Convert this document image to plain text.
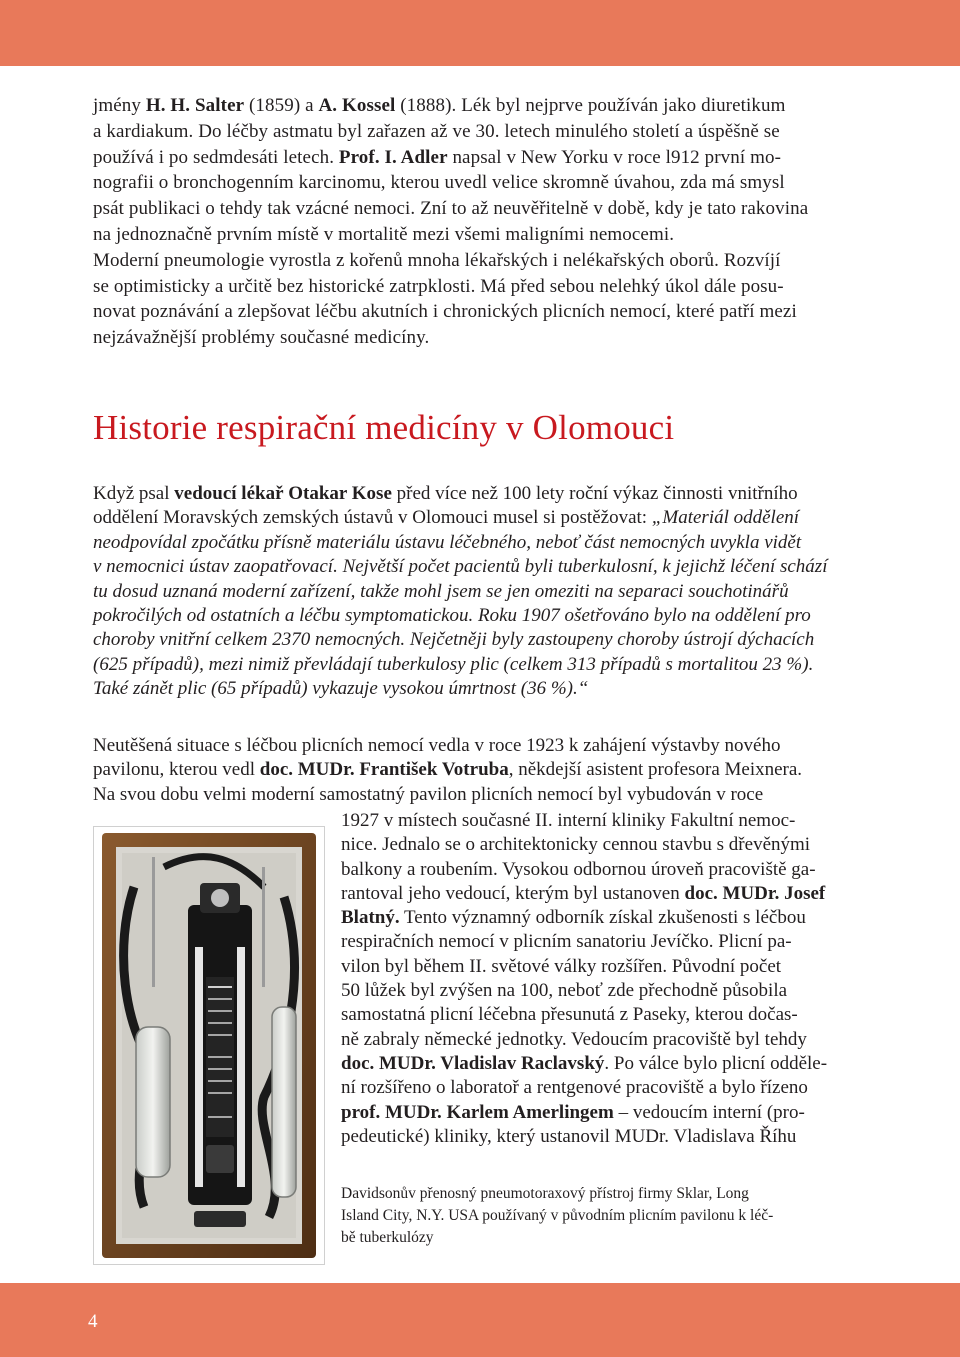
jmény H. H. Salter (1859) a A. Kossel (1888). Lék byl nejprve používán jako diuretikum
a kardiakum. Do léčby astmatu byl zařazen až ve 30. letech minulého století a úspěšně se
používá i po sedmdesáti letech. Prof. I. Adler napsal v New Yorku v roce l912 první mo-
nografii o bronchogenním karcinomu, kterou uvedl velice skromně úvahou, zda má smysl
psát publikaci o tehdy tak vzácné nemoci. Zní to až neuvěřitelně v době, kdy je tato rakovina
na jednoznačně prvním místě v mortalitě mezi všemi maligními nemocemi.
Moderní pneumologie vyrostla z kořenů mnoha lékařských i nelékařských oborů. Rozvíjí
se optimisticky a určitě bez historické zatrpklosti. Má před sebou nelehký úkol dále posu-
novat poznávání a zlepšovat léčbu akutních i chronických plicních nemocí, které patří mezi
nejzávažnější problémy současné medicíny.
Historie respirační medicíny v Olomouci
Když psal vedoucí lékař Otakar Kose před více než 100 lety roční výkaz činnosti vnitřního
oddělení Moravských zemských ústavů v Olomouci musel si postěžovat: „Materiál oddělení
neodpovídal zpočátku přísně materiálu ústavu léčebného, neboť část nemocných uvykla vidět
v nemocnici ústav zaopatřovací. Největší počet pacientů byli tuberkulosní, k jejichž léčení schází
tu dosud uznaná moderní zařízení, takže mohl jsem se jen omeziti na separaci souchotinářů
pokročilých od ostatních a léčbu symptomatickou. Roku 1907 ošetřováno bylo na oddělení pro
choroby vnitřní celkem 2370 nemocných. Nejčetněji byly zastoupeny choroby ústrojí dýchacích
(625 případů), mezi nimiž převládají tuberkulosy plic (celkem 313 případů s mortalitou 23 %).
Také zánět plic (65 případů) vykazuje vysokou úmrtnost (36 %).“
Neutěšená situace s léčbou plicních nemocí vedla v roce 1923 k zahájení výstavby nového
pavilonu, kterou vedl doc. MUDr. František Votruba, někdejší asistent profesora Meixnera.
Na svou dobu velmi moderní samostatný pavilon plicních nemocí byl vybudován v roce
1927 v místech současné II. interní kliniky Fakultní nemoc-
nice. Jednalo se o architektonicky cennou stavbu s dřevěnými
balkony a roubením. Vysokou odbornou úroveň pracoviště ga-
rantoval jeho vedoucí, kterým byl ustanoven doc. MUDr. Josef
Blatný. Tento významný odborník získal zkušenosti s léčbou
respiračních nemocí v plicním sanatoriu Jevíčko. Plicní pa-
vilon byl během II. světové války rozšířen. Původní počet
50 lůžek byl zvýšen na 100, neboť zde přechodně působila
samostatná plicní léčebna přesunutá z Paseky, kterou dočas-
ně zabraly německé jednotky. Vedoucím pracoviště byl tehdy
doc. MUDr. Vladislav Raclavský. Po válce bylo plicní odděle-
ní rozšířeno o laboratoř a rentgenové pracoviště a bylo řízeno
prof. MUDr. Karlem Amerlingem – vedoucím interní (pro-
pedeutické) kliniky, který ustanovil MUDr. Vladislava Říhu
Davidsonův přenosný pneumotoraxový přístroj firmy Sklar, Long
Island City, N.Y. USA používaný v původním plicním pavilonu k léč-
bě tuberkulózy
4
